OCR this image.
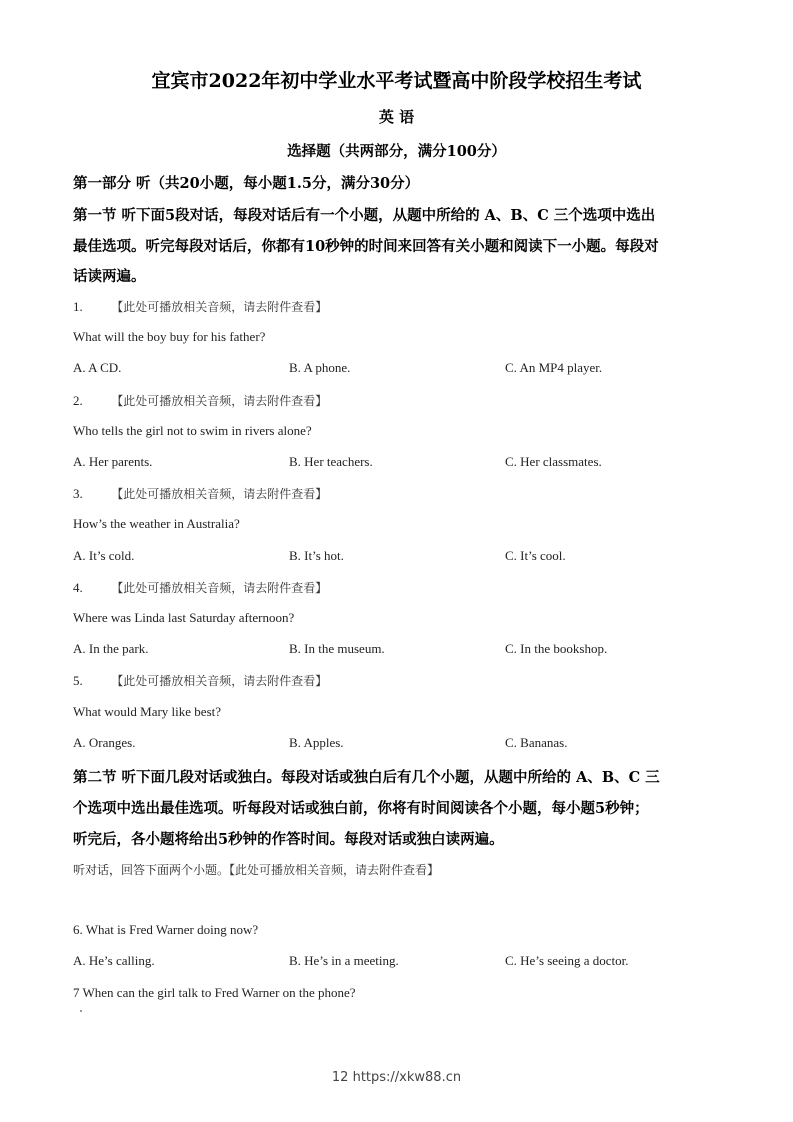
宜宾市2022年初中学业水平考试暨高中阶段学校招生考试
英 语
选择题（共两部分，满分100分）
第一部分 听（共20小题，每小题1.5分，满分30分）
第一节 听下面5段对话，每段对话后有一个小题，从题中所给的 A、B、C 三个选项中选出
最佳选项。听完每段对话后，你都有10秒钟的时间来回答有关小题和阅读下一小题。每段对
话读两遍。
1. 【此处可播放相关音频，请去附件查看】
What will the boy buy for his father?
A. A CD.	B. A phone.	C. An MP4 player.
2. 【此处可播放相关音频，请去附件查看】
Who tells the girl not to swim in rivers alone?
A. Her parents.	B. Her teachers.	C. Her classmates.
3. 【此处可播放相关音频，请去附件查看】
How’s the weather in Australia?
A. It’s cold.	B. It’s hot.	C. It’s cool.
4. 【此处可播放相关音频，请去附件查看】
Where was Linda last Saturday afternoon?
A. In the park.	B. In the museum.	C. In the bookshop.
5. 【此处可播放相关音频，请去附件查看】
What would Mary like best?
A. Oranges.	B. Apples.	C. Bananas.
第二节 听下面几段对话或独白。每段对话或独白后有几个小题，从题中所给的 A、B、C 三
个选项中选出最佳选项。听每段对话或独白前，你将有时间阅读各个小题，每小题5秒钟；
听完后，各小题将给出5秒钟的作答时间。每段对话或独白读两遍。
听对话，回答下面两个小题。【此处可播放相关音频，请去附件查看】
6. What is Fred Warner doing now?
A. He’s calling.	B. He’s in a meeting.	C. He’s seeing a doctor.
7 When can the girl talk to Fred Warner on the phone?
12 https://xkw88.cn
